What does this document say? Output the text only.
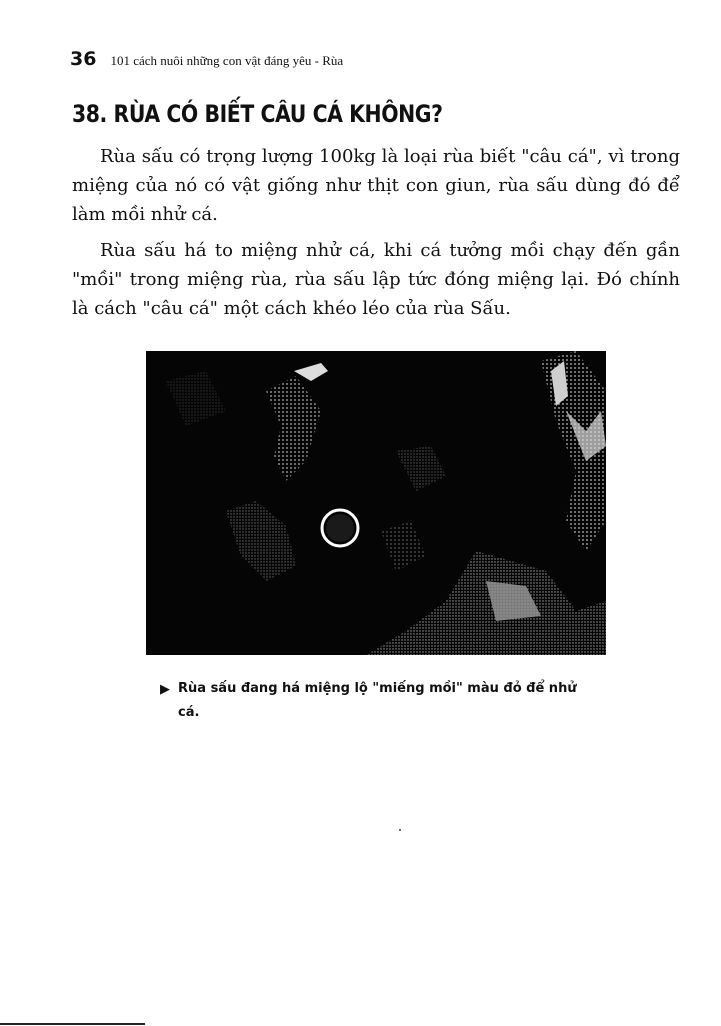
36 101 cách nuôi những con vật đáng yêu - Rùa
38. RÙA CÓ BIẾT CÂU CÁ KHÔNG?

Rùa sấu có trọng lượng 100kg là loại rùa biết "câu cá", vì trong miệng của nó có vật giống như thịt con giun, rùa sấu dùng đó để làm mồi nhử cá.

Rùa sấu há to miệng nhử cá, khi cá tưởng mồi chạy đến gần "mồi" trong miệng rùa, rùa sấu lập tức đóng miệng lại. Đó chính là cách "câu cá" một cách khéo léo của rùa Sấu.

▶ Rùa sấu đang há miệng lộ "miếng mồi" màu đỏ để nhử cá.
